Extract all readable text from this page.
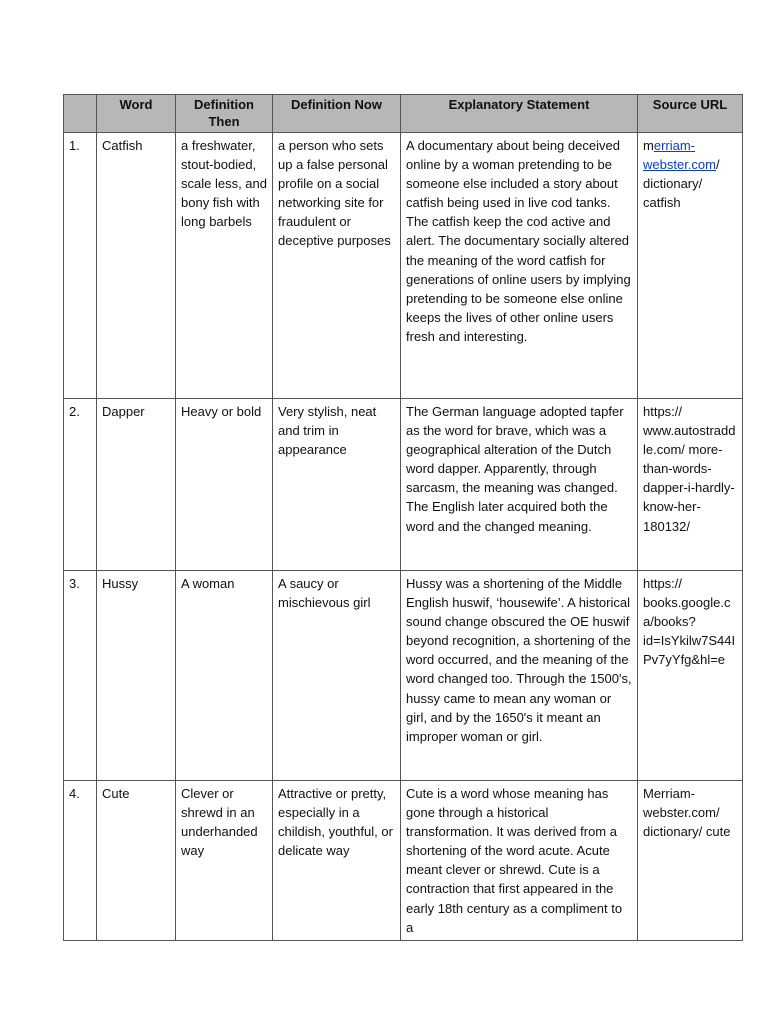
	Word	Definition Then	Definition Now	Explanatory Statement	Source URL
1.	Catfish	a freshwater, stout-bodied, scale less, and bony fish with long barbels	a person who sets up a false personal profile on a social networking site for fraudulent or deceptive purposes	A documentary about being deceived online by a woman pretending to be someone else included a story about catfish being used in live cod tanks. The catfish keep the cod active and alert. The documentary socially altered the meaning of the word catfish for generations of online users by implying pretending to be someone else online keeps the lives of other online users fresh and interesting.	merriam-webster.com/ dictionary/ catfish
2.	Dapper	Heavy or bold	Very stylish, neat and trim in appearance	The German language adopted tapfer as the word for brave, which was a geographical alteration of the Dutch word dapper. Apparently, through sarcasm, the meaning was changed. The English later acquired both the word and the changed meaning.	https:// www.autostraddle.com/ more-than-words-dapper-i-hardly-know-her-180132/
3.	Hussy	A woman	A saucy or mischievous girl	Hussy was a shortening of the Middle English huswif, ‘housewife’. A historical sound change obscured the OE huswif beyond recognition, a shortening of the word occurred, and the meaning of the word changed too. Through the 1500's, hussy came to mean any woman or girl, and by the 1650's it meant an improper woman or girl.	https:// books.google.ca/books? id=IsYkilw7S44IPv7yYfg&hl=e
4.	Cute	Clever or shrewd in an underhanded way	Attractive or pretty, especially in a childish, youthful, or delicate way	Cute is a word whose meaning has gone through a historical transformation. It was derived from a shortening of the word acute. Acute meant clever or shrewd. Cute is a contraction that first appeared in the early 18th century as a compliment to a	Merriam-webster.com/ dictionary/ cute
